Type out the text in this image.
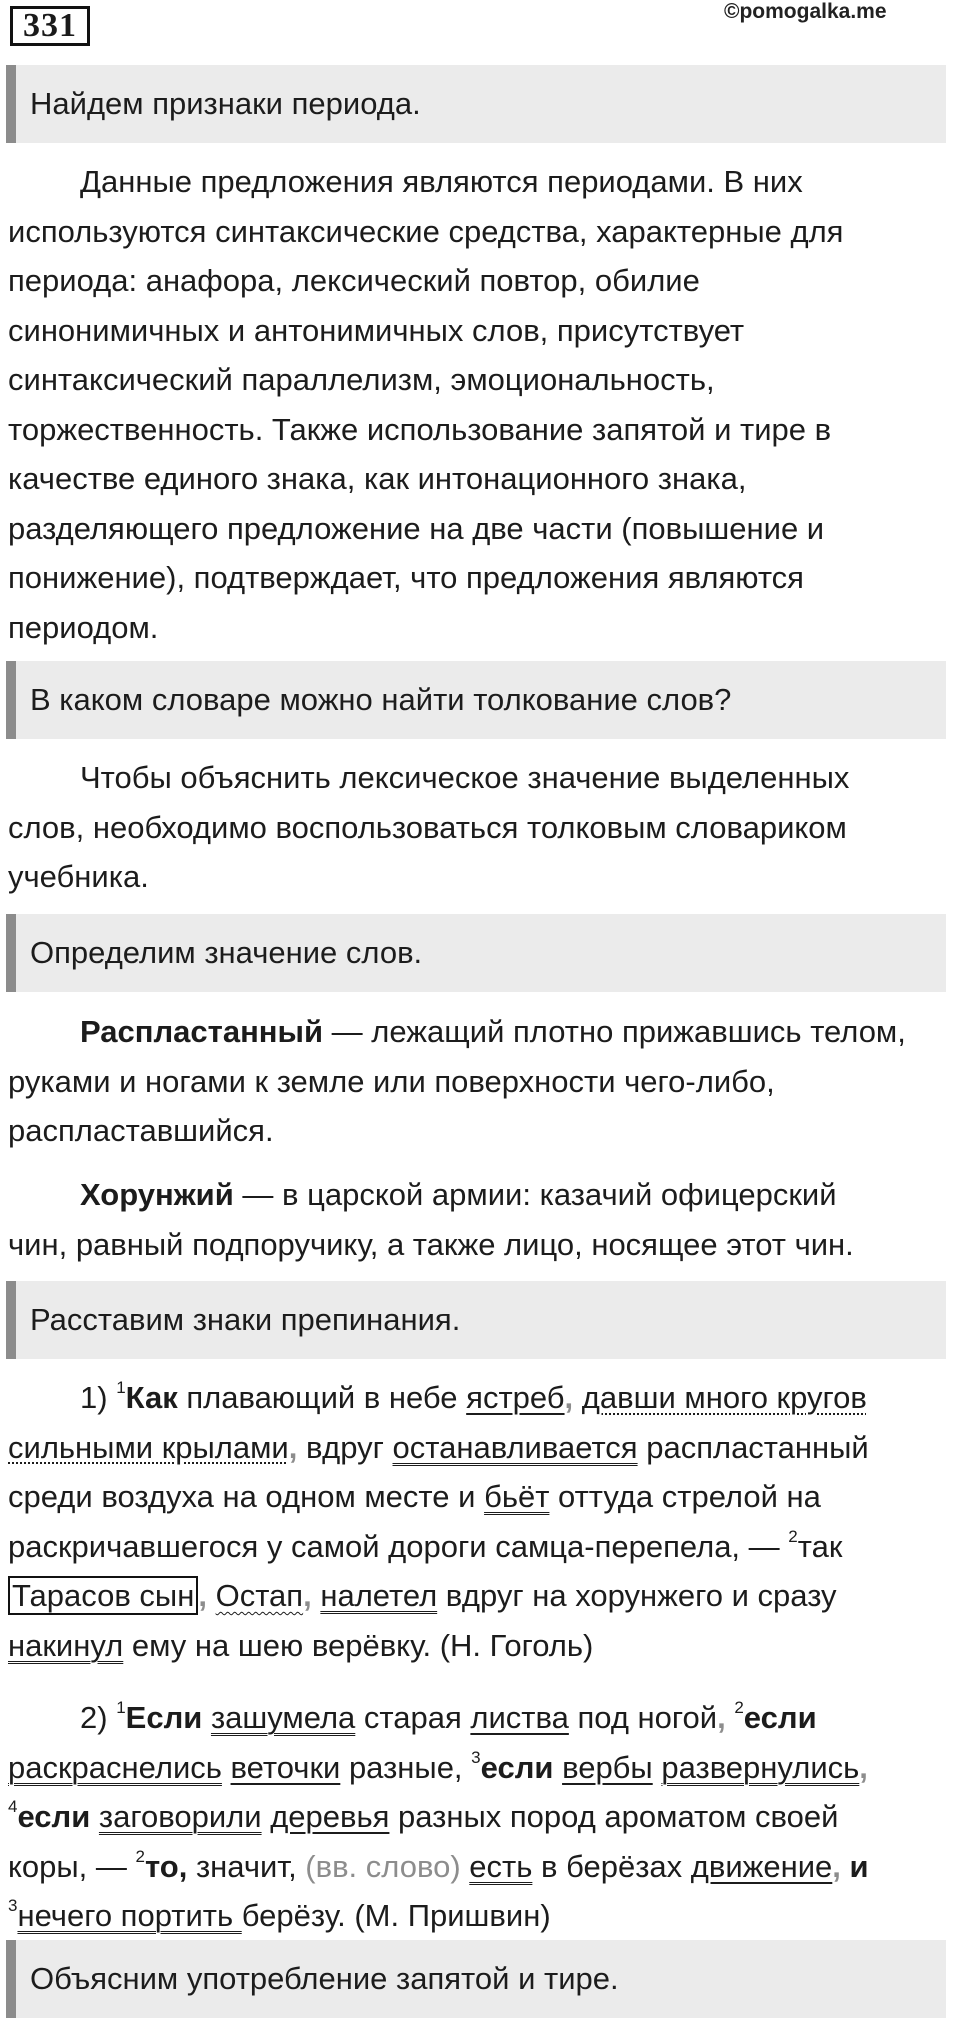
331	©pomogalka.me
Найдем признаки периода.
Данные предложения являются периодами. В них
используются синтаксические средства, характерные для
периода: анафора, лексический повтор, обилие
синонимичных и антонимичных слов, присутствует
синтаксический параллелизм, эмоциональность,
торжественность. Также использование запятой и тире в
качестве единого знака, как интонационного знака,
разделяющего предложение на две части (повышение и
понижение), подтверждает, что предложения являются
периодом.
В каком словаре можно найти толкование слов?
Чтобы объяснить лексическое значение выделенных
слов, необходимо воспользоваться толковым словариком
учебника.
Определим значение слов.
Распластанный — лежащий плотно прижавшись телом,
руками и ногами к земле или поверхности чего-либо,
распластавшийся.
Хорунжий — в царской армии: казачий офицерский
чин, равный подпоручику, а также лицо, носящее этот чин.
Расставим знаки препинания.
1) $^1$Как плавающий в небе ястреб, давши много кругов
сильными крылами, вдруг останавливается распластанный
среди воздуха на одном месте и бьёт оттуда стрелой на
раскричавшегося у самой дороги самца-перепела, — $^2$так
Тарасов сын , Остап, налетел вдруг на хорунжего и сразу
накинул ему на шею верёвку. (Н. Гоголь)
2) $^1$Если зашумела старая листва под ногой, $^2$если
раскраснелись веточки разные, $^3$если вербы развернулись,
$^4$если заговорили деревья разных пород ароматом своей
коры, — $^2$то, значит, (вв. слово) есть в берёзах движение, и
$^3$нечего портить берёзу. (М. Пришвин)
Объясним употребление запятой и тире.
